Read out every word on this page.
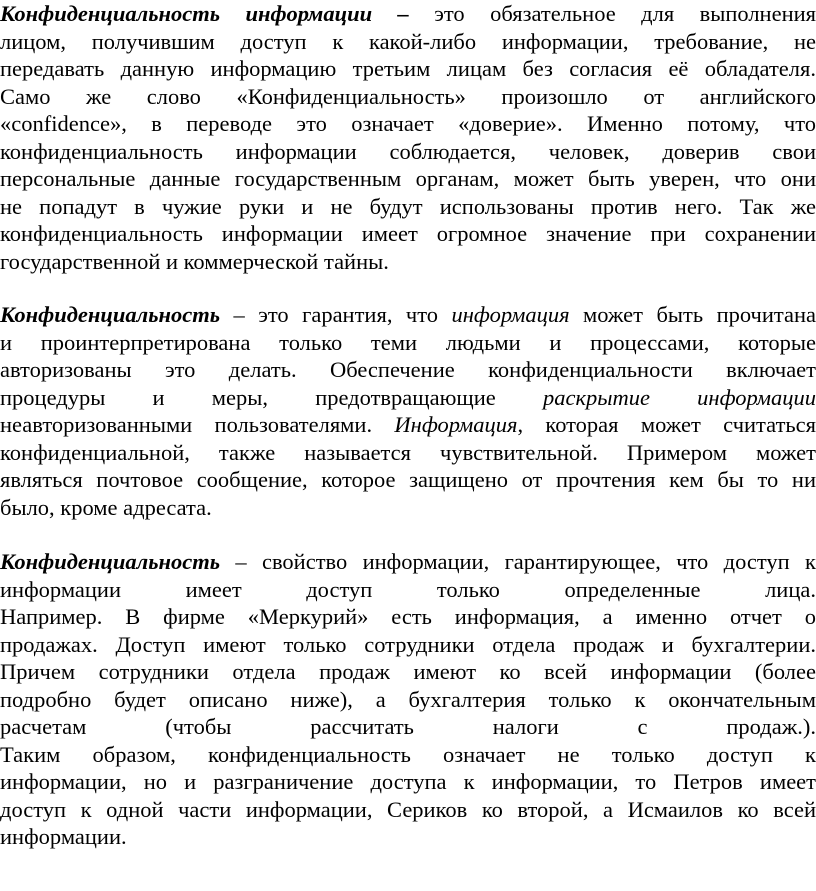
Конфиденциальность информации – это обязательное для выполнения

лицом, получившим доступ к какой-либо информации, требование, не

передавать данную информацию третьим лицам без согласия её обладателя.

Само же слово «Конфиденциальность» произошло от английского

«confidence», в переводе это означает «доверие». Именно потому, что

конфиденциальность информации соблюдается, человек, доверив свои

персональные данные государственным органам, может быть уверен, что они

не попадут в чужие руки и не будут использованы против него. Так же

конфиденциальность информации имеет огромное значение при сохранении

государственной и коммерческой тайны.

Конфиденциальность – это гарантия, что информация может быть прочитана

и проинтерпретирована только теми людьми и процессами, которые

авторизованы это делать. Обеспечение конфиденциальности включает

процедуры и меры, предотвращающие раскрытие информации

неавторизованными пользователями. Информация, которая может считаться

конфиденциальной, также называется чувствительной. Примером может

являться почтовое сообщение, которое защищено от прочтения кем бы то ни

было, кроме адресата.

Конфиденциальность – свойство информации, гарантирующее, что доступ к

информации имеет доступ только определенные лица.

Например. В фирме «Меркурий» есть информация, а именно отчет о

продажах. Доступ имеют только сотрудники отдела продаж и бухгалтерии.

Причем сотрудники отдела продаж имеют ко всей информации (более

подробно будет описано ниже), а бухгалтерия только к окончательным

расчетам (чтобы рассчитать налоги с продаж.).

Таким образом, конфиденциальность означает не только доступ к

информации, но и разграничение доступа к информации, то Петров имеет

доступ к одной части информации, Сериков ко второй, а Исмаилов ко всей

информации.
